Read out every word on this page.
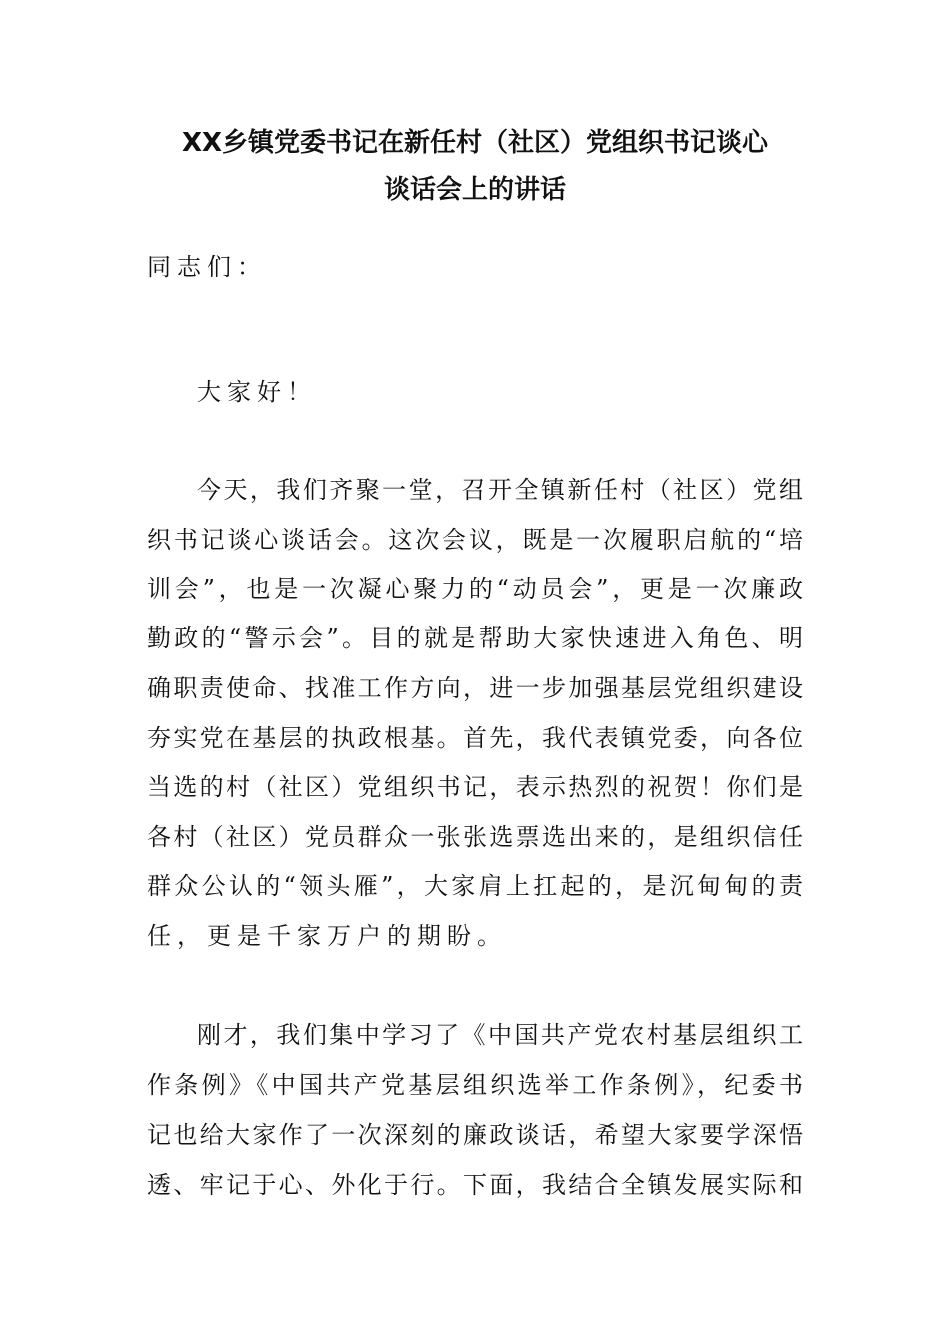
XX乡镇党委书记在新任村（社区）党组织书记谈心
谈话会上的讲话
同志们：
大家好！
今天，我们齐聚一堂，召开全镇新任村（社区）党组
织书记谈心谈话会。这次会议，既是一次履职启航的“培
训会”，也是一次凝心聚力的“动员会”，更是一次廉政
勤政的“警示会”。目的就是帮助大家快速进入角色、明
确职责使命、找准工作方向，进一步加强基层党组织建设
夯实党在基层的执政根基。首先，我代表镇党委，向各位
当选的村（社区）党组织书记，表示热烈的祝贺！你们是
各村（社区）党员群众一张张选票选出来的，是组织信任
群众公认的“领头雁”，大家肩上扛起的，是沉甸甸的责
任，更是千家万户的期盼。
刚才，我们集中学习了《中国共产党农村基层组织工
作条例》《中国共产党基层组织选举工作条例》，纪委书
记也给大家作了一次深刻的廉政谈话，希望大家要学深悟
透、牢记于心、外化于行。下面，我结合全镇发展实际和
